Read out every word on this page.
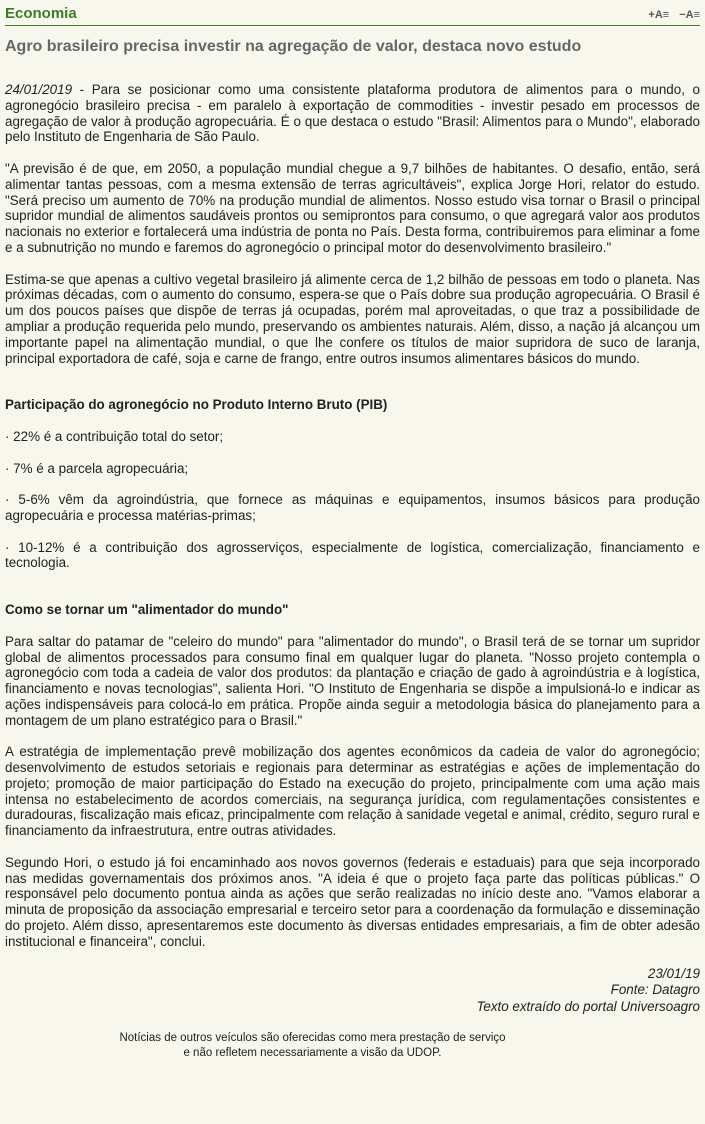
Economia	+A≡ −A≡
Agro brasileiro precisa investir na agregação de valor, destaca novo estudo

24/01/2019 - Para se posicionar como uma consistente plataforma produtora de alimentos para o mundo, o agronegócio brasileiro precisa - em paralelo à exportação de commodities - investir pesado em processos de agregação de valor à produção agropecuária. É o que destaca o estudo "Brasil: Alimentos para o Mundo", elaborado pelo Instituto de Engenharia de São Paulo.

"A previsão é de que, em 2050, a população mundial chegue a 9,7 bilhões de habitantes. O desafio, então, será alimentar tantas pessoas, com a mesma extensão de terras agricultáveis", explica Jorge Hori, relator do estudo. "Será preciso um aumento de 70% na produção mundial de alimentos. Nosso estudo visa tornar o Brasil o principal supridor mundial de alimentos saudáveis prontos ou semiprontos para consumo, o que agregará valor aos produtos nacionais no exterior e fortalecerá uma indústria de ponta no País. Desta forma, contribuiremos para eliminar a fome e a subnutrição no mundo e faremos do agronegócio o principal motor do desenvolvimento brasileiro."

Estima-se que apenas a cultivo vegetal brasileiro já alimente cerca de 1,2 bilhão de pessoas em todo o planeta. Nas próximas décadas, com o aumento do consumo, espera-se que o País dobre sua produção agropecuária. O Brasil é um dos poucos países que dispõe de terras já ocupadas, porém mal aproveitadas, o que traz a possibilidade de ampliar a produção requerida pelo mundo, preservando os ambientes naturais. Além, disso, a nação já alcançou um importante papel na alimentação mundial, o que lhe confere os títulos de maior supridora de suco de laranja, principal exportadora de café, soja e carne de frango, entre outros insumos alimentares básicos do mundo.

Participação do agronegócio no Produto Interno Bruto (PIB)

· 22% é a contribuição total do setor;

· 7% é a parcela agropecuária;

· 5-6% vêm da agroindústria, que fornece as máquinas e equipamentos, insumos básicos para produção agropecuária e processa matérias-primas;

· 10-12% é a contribuição dos agrosserviços, especialmente de logística, comercialização, financiamento e tecnologia.

Como se tornar um "alimentador do mundo"

Para saltar do patamar de "celeiro do mundo" para "alimentador do mundo", o Brasil terá de se tornar um supridor global de alimentos processados para consumo final em qualquer lugar do planeta. "Nosso projeto contempla o agronegócio com toda a cadeia de valor dos produtos: da plantação e criação de gado à agroindústria e à logística, financiamento e novas tecnologias", salienta Hori. "O Instituto de Engenharia se dispõe a impulsioná-lo e indicar as ações indispensáveis para colocá-lo em prática. Propõe ainda seguir a metodologia básica do planejamento para a montagem de um plano estratégico para o Brasil."

A estratégia de implementação prevê mobilização dos agentes econômicos da cadeia de valor do agronegócio; desenvolvimento de estudos setoriais e regionais para determinar as estratégias e ações de implementação do projeto; promoção de maior participação do Estado na execução do projeto, principalmente com uma ação mais intensa no estabelecimento de acordos comerciais, na segurança jurídica, com regulamentações consistentes e duradouras, fiscalização mais eficaz, principalmente com relação à sanidade vegetal e animal, crédito, seguro rural e financiamento da infraestrutura, entre outras atividades.

Segundo Hori, o estudo já foi encaminhado aos novos governos (federais e estaduais) para que seja incorporado nas medidas governamentais dos próximos anos. "A ideia é que o projeto faça parte das políticas públicas." O responsável pelo documento pontua ainda as ações que serão realizadas no início deste ano. "Vamos elaborar a minuta de proposição da associação empresarial e terceiro setor para a coordenação da formulação e disseminação do projeto. Além disso, apresentaremos este documento às diversas entidades empresariais, a fim de obter adesão institucional e financeira", conclui.

23/01/19
Fonte: Datagro
Texto extraído do portal Universoagro
Notícias de outros veículos são oferecidas como mera prestação de serviço
e não refletem necessariamente a visão da UDOP.
